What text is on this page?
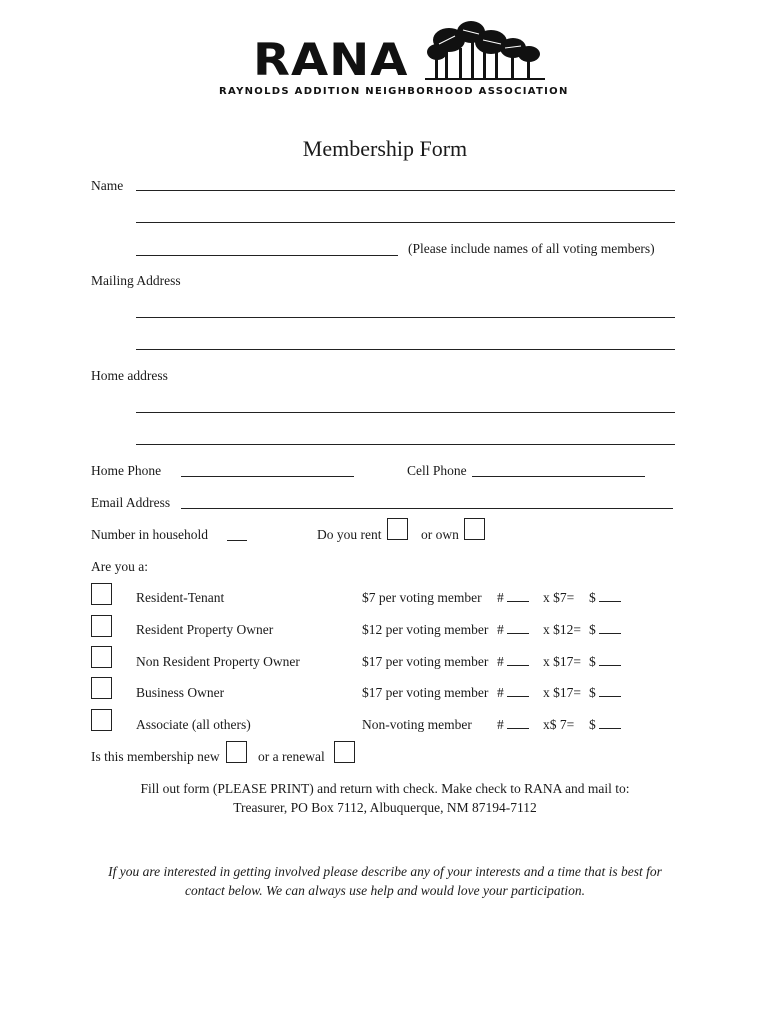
RANA
RAYNOLDS ADDITION NEIGHBORHOOD ASSOCIATION
Membership Form
Name
(Please include names of all voting members)
Mailing Address
Home address
Home Phone	Cell Phone
Email Address
Number in household	Do you rent	or own
Are you a:
Resident-Tenant	$7 per voting member #	x $7= $
Resident Property Owner	$12 per voting member #	x $12= $
Non Resident Property Owner	$17 per voting member #	x $17= $
Business Owner	$17 per voting member #	x $17= $
Associate (all others)	Non-voting member #	x$ 7= $
Is this membership new	or a renewal
Fill out form (PLEASE PRINT) and return with check. Make check to RANA and mail to:
Treasurer, PO Box 7112, Albuquerque, NM 87194-7112
If you are interested in getting involved please describe any of your interests and a time that is best for
contact below. We can always use help and would love your participation.
